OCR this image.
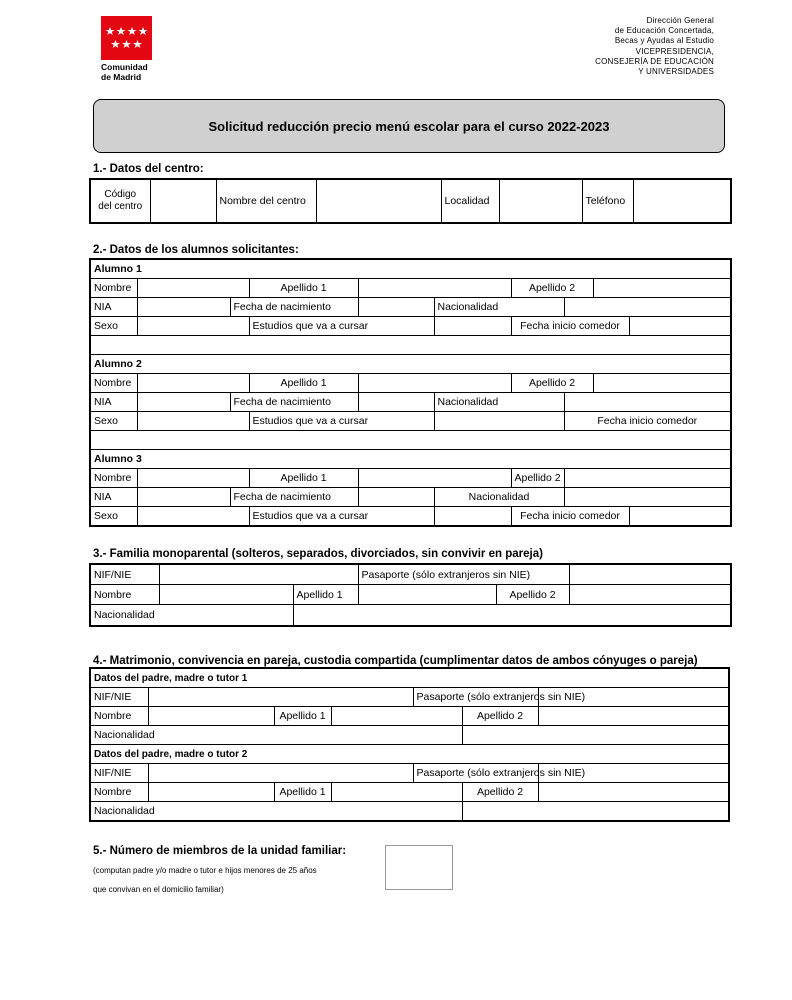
Comunidad
de Madrid
Dirección General
de Educación Concertada,
Becas y Ayudas al Estudio
VICEPRESIDENCIA,
CONSEJERÍA DE EDUCACIÓN
Y UNIVERSIDADES
Solicitud reducción precio menú escolar para el curso 2022-2023
1.- Datos del centro:
Código
del centro		Nombre del centro		Localidad		Teléfono	
2.- Datos de los alumnos solicitantes:
Alumno 1									
Nombre			Apellido 1			Apellido 2			
NIA		Fecha de nacimiento			Nacionalidad				
Sexo			Estudios que va a cursar			Fecha inicio comedor			

Alumno 2									
Nombre			Apellido 1			Apellido 2			
NIA		Fecha de nacimiento			Nacionalidad				
Sexo			Estudios que va a cursar				Fecha inicio comedor		

Alumno 3									
Nombre			Apellido 1			Apellido 2			
NIA		Fecha de nacimiento			Nacionalidad				
Sexo			Estudios que va a cursar			Fecha inicio comedor			
3.- Familia monoparental (solteros, separados, divorciados, sin convivir en pareja)
NIF/NIE			Pasaporte (sólo extranjeros sin NIE)		
Nombre		Apellido 1		Apellido 2	
Nacionalidad					
4.- Matrimonio, convivencia en pareja, custodia compartida (cumplimentar datos de ambos cónyuges o pareja)
Datos del padre, madre o tutor 1						
NIF/NIE				Pasaporte (sólo extranjeros sin NIE)		
Nombre		Apellido 1			Apellido 2	
Nacionalidad						
Datos del padre, madre o tutor 2						
NIF/NIE				Pasaporte (sólo extranjeros sin NIE)		
Nombre		Apellido 1			Apellido 2	
Nacionalidad						
5.- Número de miembros de la unidad familiar:
(computan padre y/o madre o tutor e hijos menores de 25 años
que convivan en el domicilio familiar)
